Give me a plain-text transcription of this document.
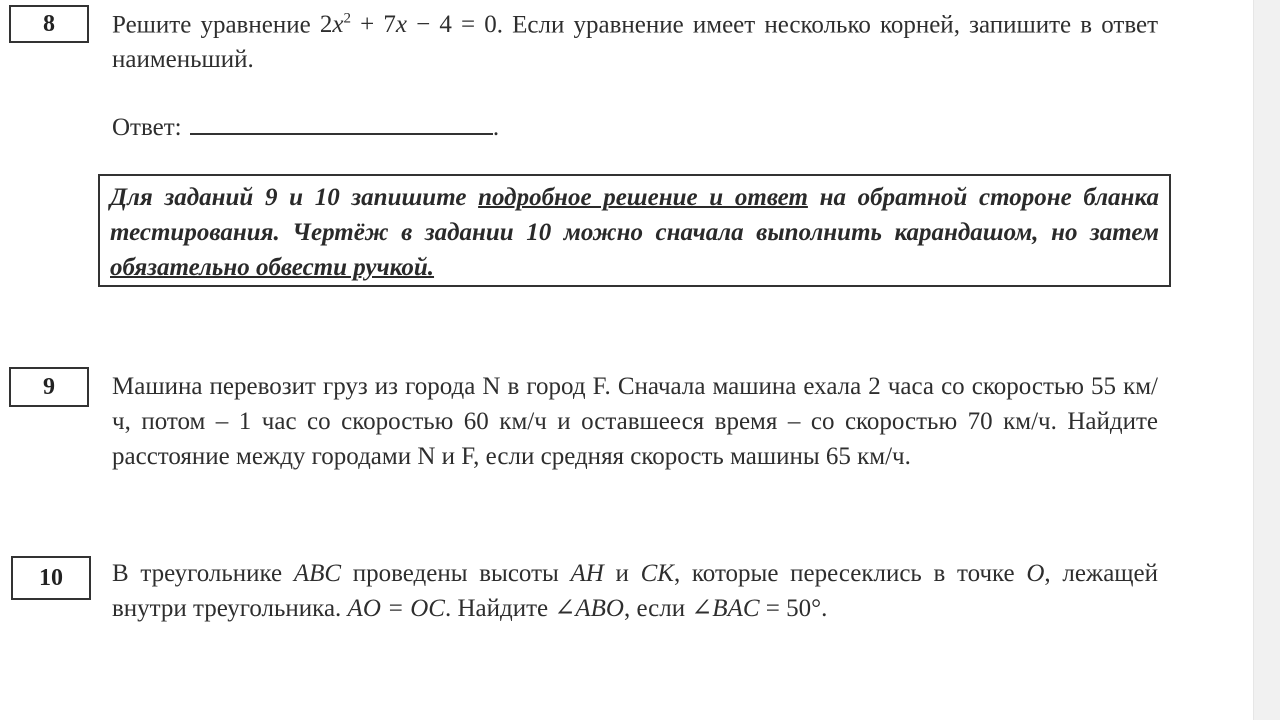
8 Решите уравнение $2x^2 + 7x - 4 = 0$. Если уравнение имеет несколько корней, запишите в ответ наименьший.
Ответ:	.
Для заданий 9 и 10 запишите подробное решение и ответ на обратной стороне бланка тестирования. Чертёж в задании 10 можно сначала выполнить карандашом, но затем обязательно обвести ручкой.
9 Машина перевозит груз из города N в город F. Сначала машина ехала 2 часа со скоростью 55 км/ч, потом – 1 час со скоростью 60 км/ч и оставшееся время – со скоростью 70 км/ч. Найдите расстояние между городами N и F, если средняя скорость машины 65 км/ч.
10 В треугольнике ABC проведены высоты AH и CK, которые пересеклись в точке O, лежащей внутри треугольника. AO = OC. Найдите ∠ABO, если ∠BAC = 50°.
